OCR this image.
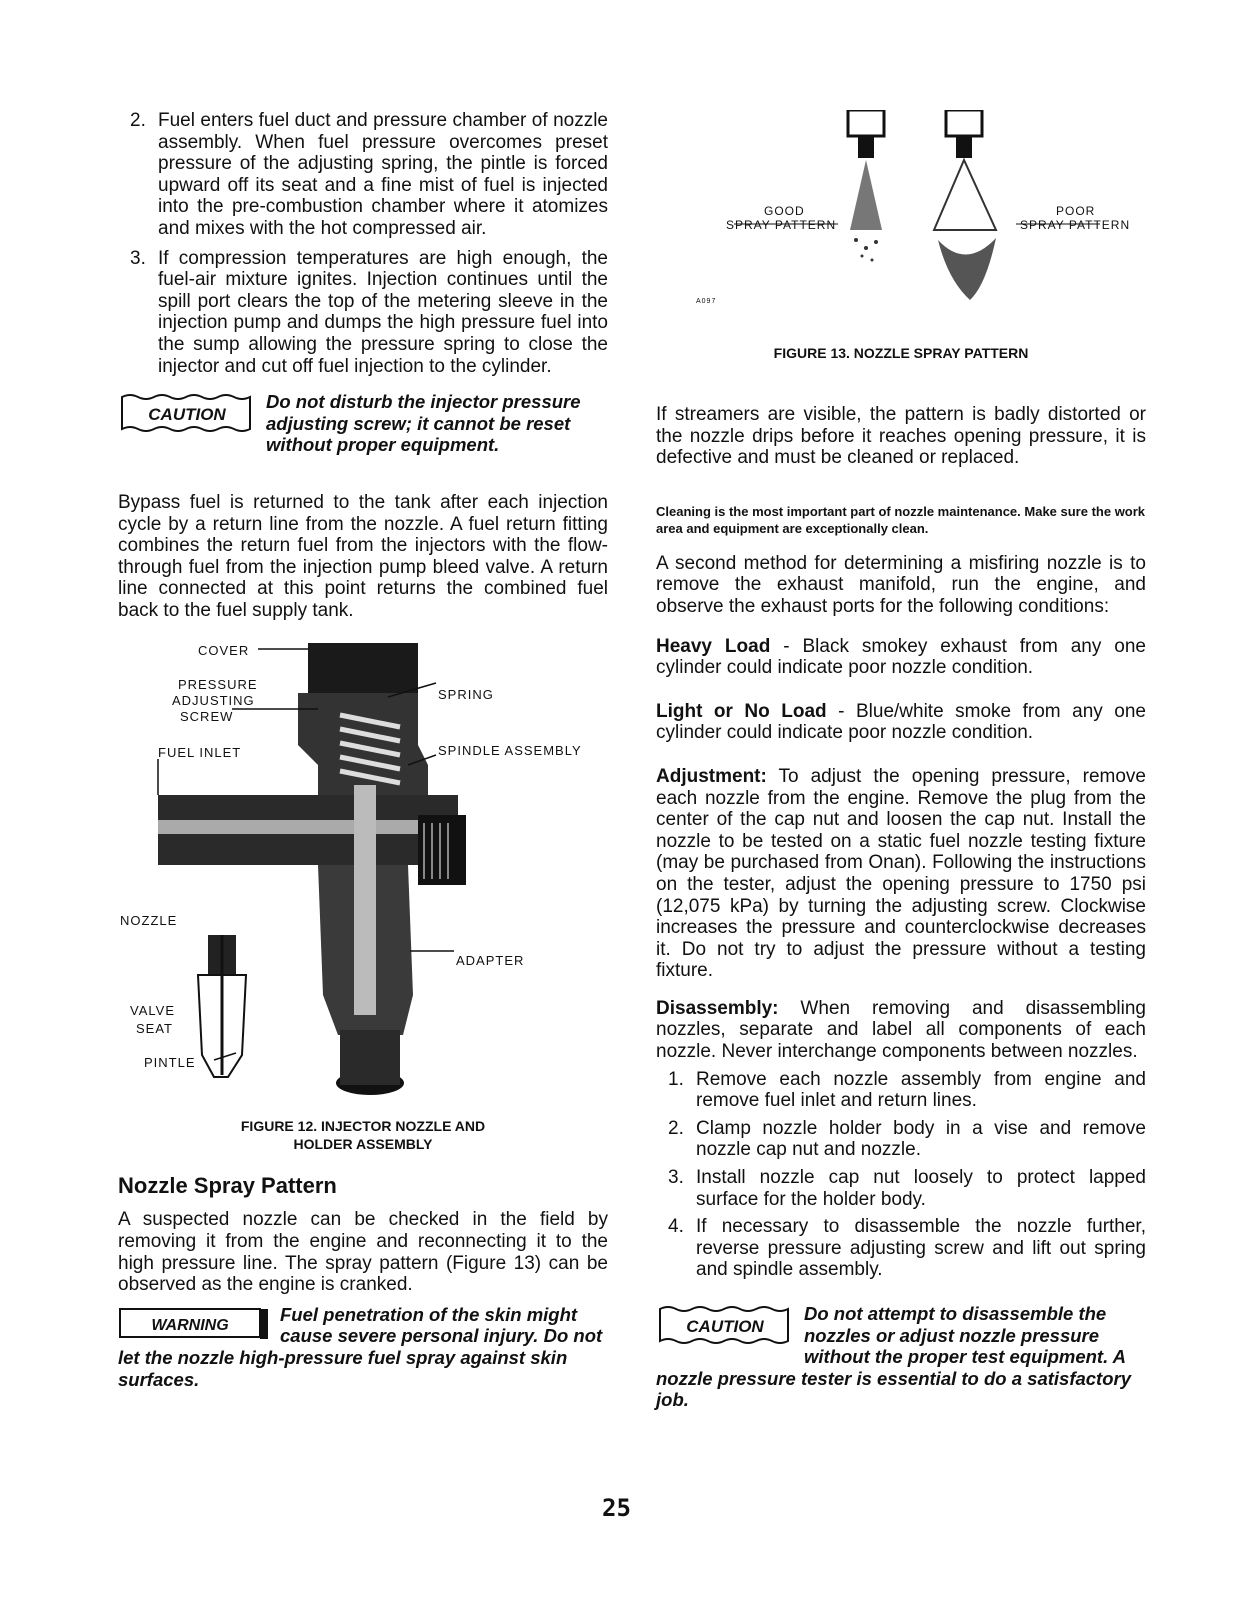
2. Fuel enters fuel duct and pressure chamber of nozzle assembly. When fuel pressure overcomes preset pressure of the adjusting spring, the pintle is forced upward off its seat and a fine mist of fuel is injected into the pre-combustion chamber where it atomizes and mixes with the hot compressed air.
3. If compression temperatures are high enough, the fuel-air mixture ignites. Injection continues until the spill port clears the top of the metering sleeve in the injection pump and dumps the high pressure fuel into the sump allowing the pressure spring to close the injector and cut off fuel injection to the cylinder.
CAUTION
Do not disturb the injector pressure adjusting screw; it cannot be reset without proper equipment.

Bypass fuel is returned to the tank after each injection cycle by a return line from the nozzle. A fuel return fitting combines the return fuel from the injectors with the flow-through fuel from the injection pump bleed valve. A return line connected at this point returns the combined fuel back to the fuel supply tank.

COVER
PRESSURE
ADJUSTING
SCREW
SPRING
FUEL INLET	SPINDLE ASSEMBLY
NOZZLE
ADAPTER
VALVE
SEAT
PINTLE
FIGURE 12. INJECTOR NOZZLE AND
HOLDER ASSEMBLY
Nozzle Spray Pattern

A suspected nozzle can be checked in the field by removing it from the engine and reconnecting it to the high pressure line. The spray pattern (Figure 13) can be observed as the engine is cranked.

WARNING
Fuel penetration of the skin might cause severe personal injury. Do not let the nozzle high-pressure fuel spray against skin surfaces.
GOOD
SPRAY PATTERN
POOR
SPRAY PATTERN
A097
FIGURE 13. NOZZLE SPRAY PATTERN

If streamers are visible, the pattern is badly distorted or the nozzle drips before it reaches opening pressure, it is defective and must be cleaned or replaced.

Cleaning is the most important part of nozzle maintenance. Make sure the work area and equipment are exceptionally clean.

A second method for determining a misfiring nozzle is to remove the exhaust manifold, run the engine, and observe the exhaust ports for the following conditions:

Heavy Load - Black smokey exhaust from any one cylinder could indicate poor nozzle condition.

Light or No Load - Blue/white smoke from any one cylinder could indicate poor nozzle condition.

Adjustment: To adjust the opening pressure, remove each nozzle from the engine. Remove the plug from the center of the cap nut and loosen the cap nut. Install the nozzle to be tested on a static fuel nozzle testing fixture (may be purchased from Onan). Following the instructions on the tester, adjust the opening pressure to 1750 psi (12,075 kPa) by turning the adjusting screw. Clockwise increases the pressure and counterclockwise decreases it. Do not try to adjust the pressure without a testing fixture.

Disassembly: When removing and disassembling nozzles, separate and label all components of each nozzle. Never interchange components between nozzles.

1. Remove each nozzle assembly from engine and remove fuel inlet and return lines.
2. Clamp nozzle holder body in a vise and remove nozzle cap nut and nozzle.
3. Install nozzle cap nut loosely to protect lapped surface for the holder body.
4. If necessary to disassemble the nozzle further, reverse pressure adjusting screw and lift out spring and spindle assembly.
CAUTION
Do not attempt to disassemble the nozzles or adjust nozzle pressure without the proper test equipment. A nozzle pressure tester is essential to do a satisfactory job.
25
